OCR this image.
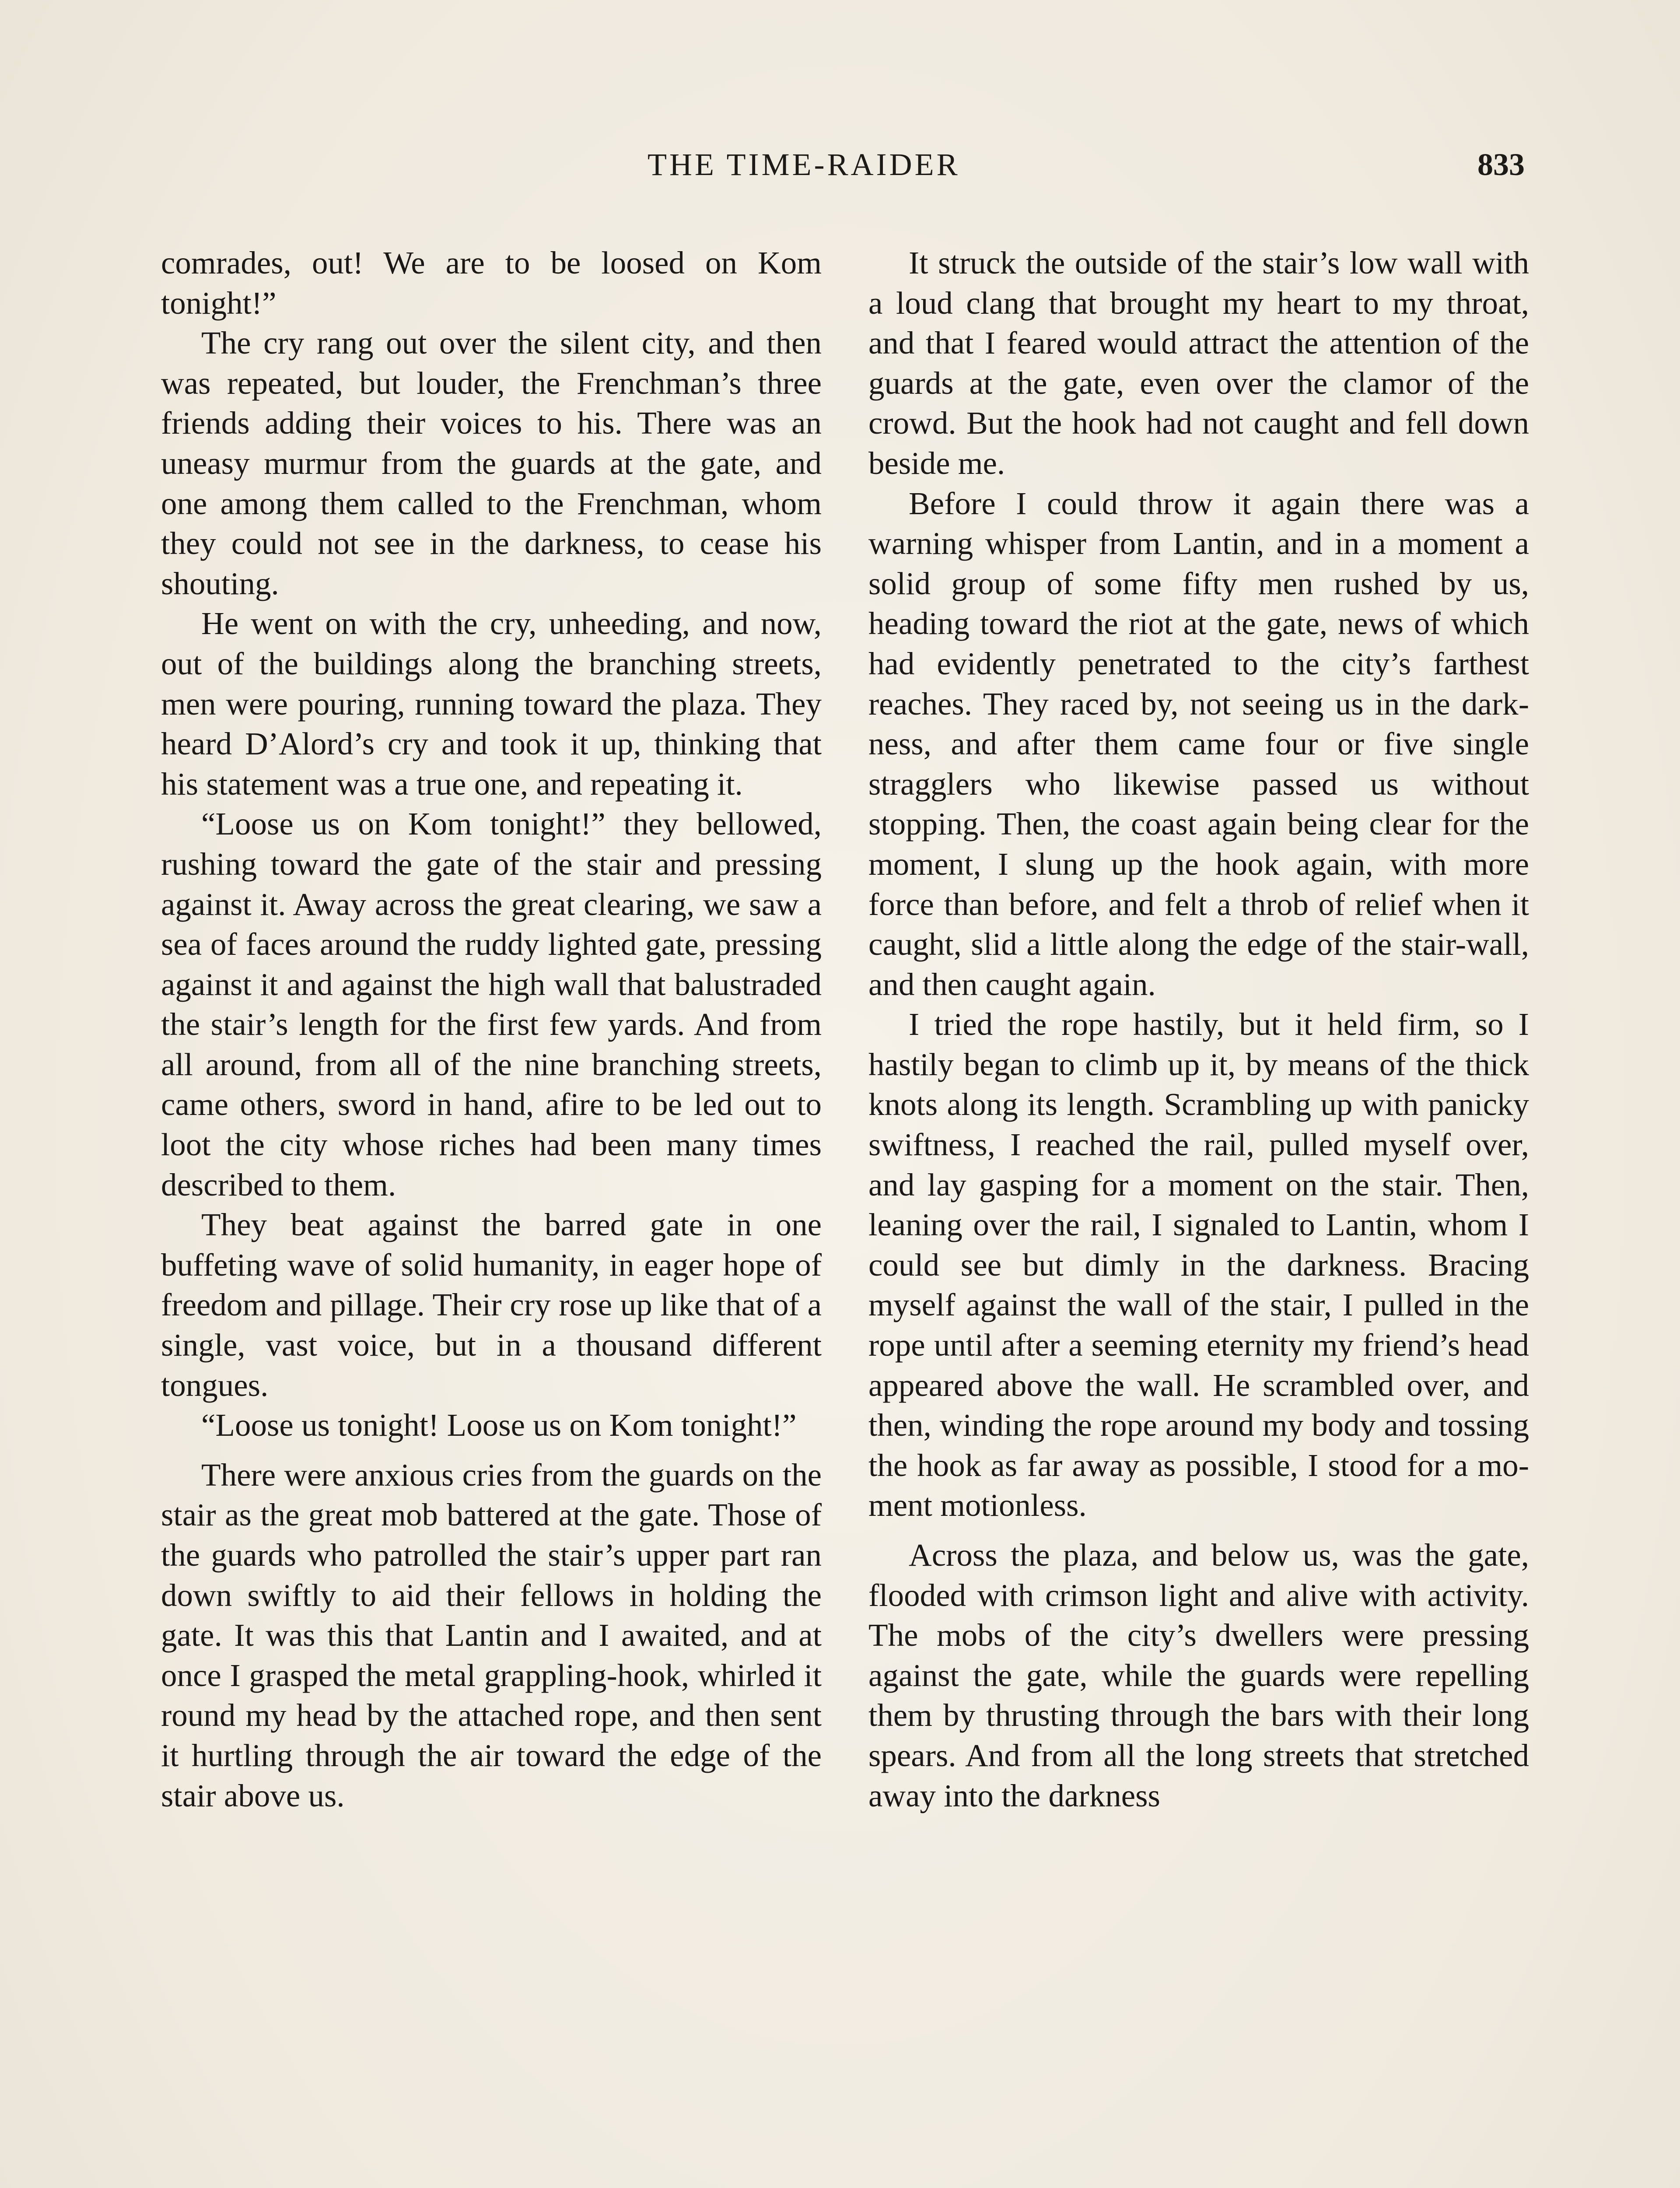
THE TIME-RAIDER	833

comrades, out! We are to be loosed on Kom tonight!”

The cry rang out over the silent city, and then was repeated, but louder, the Frenchman’s three friends adding their voices to his. There was an uneasy murmur from the guards at the gate, and one among them called to the Frenchman, whom they could not see in the darkness, to cease his shouting.

He went on with the cry, unheeding, and now, out of the buildings along the branching streets, men were pouring, running toward the plaza. They heard D’Alord’s cry and took it up, thinking that his statement was a true one, and repeating it.

“Loose us on Kom tonight!” they bellowed, rushing toward the gate of the stair and pressing against it. Away across the great clearing, we saw a sea of faces around the ruddy lighted gate, pressing against it and against the high wall that balustraded the stair’s length for the first few yards. And from all around, from all of the nine branching streets, came others, sword in hand, afire to be led out to loot the city whose riches had been many times described to them.

They beat against the barred gate in one buffeting wave of solid humanity, in eager hope of freedom and pillage. Their cry rose up like that of a single, vast voice, but in a thousand different tongues.

“Loose us tonight! Loose us on Kom tonight!”

There were anxious cries from the guards on the stair as the great mob battered at the gate. Those of the guards who patrolled the stair’s upper part ran down swiftly to aid their fellows in holding the gate. It was this that Lantin and I awaited, and at once I grasped the metal grappling-hook, whirled it round my head by the attached rope, and then sent it hurtling through the air toward the edge of the stair above us.

It struck the outside of the stair’s low wall with a loud clang that brought my heart to my throat, and that I feared would attract the attention of the guards at the gate, even over the clamor of the crowd. But the hook had not caught and fell down beside me.

Before I could throw it again there was a warning whisper from Lantin, and in a moment a solid group of some fifty men rushed by us, heading toward the riot at the gate, news of which had evidently penetrated to the city’s farthest reaches. They raced by, not seeing us in the darkness, and after them came four or five single stragglers who likewise passed us without stopping. Then, the coast again being clear for the moment, I slung up the hook again, with more force than before, and felt a throb of relief when it caught, slid a little along the edge of the stair-wall, and then caught again.

I tried the rope hastily, but it held firm, so I hastily began to climb up it, by means of the thick knots along its length. Scrambling up with panicky swiftness, I reached the rail, pulled myself over, and lay gasping for a moment on the stair. Then, leaning over the rail, I signaled to Lantin, whom I could see but dimly in the darkness. Bracing myself against the wall of the stair, I pulled in the rope until after a seeming eternity my friend’s head appeared above the wall. He scrambled over, and then, winding the rope around my body and tossing the hook as far away as possible, I stood for a moment motionless.

Across the plaza, and below us, was the gate, flooded with crimson light and alive with activity. The mobs of the city’s dwellers were pressing against the gate, while the guards were repelling them by thrusting through the bars with their long spears. And from all the long streets that stretched away into the darkness
